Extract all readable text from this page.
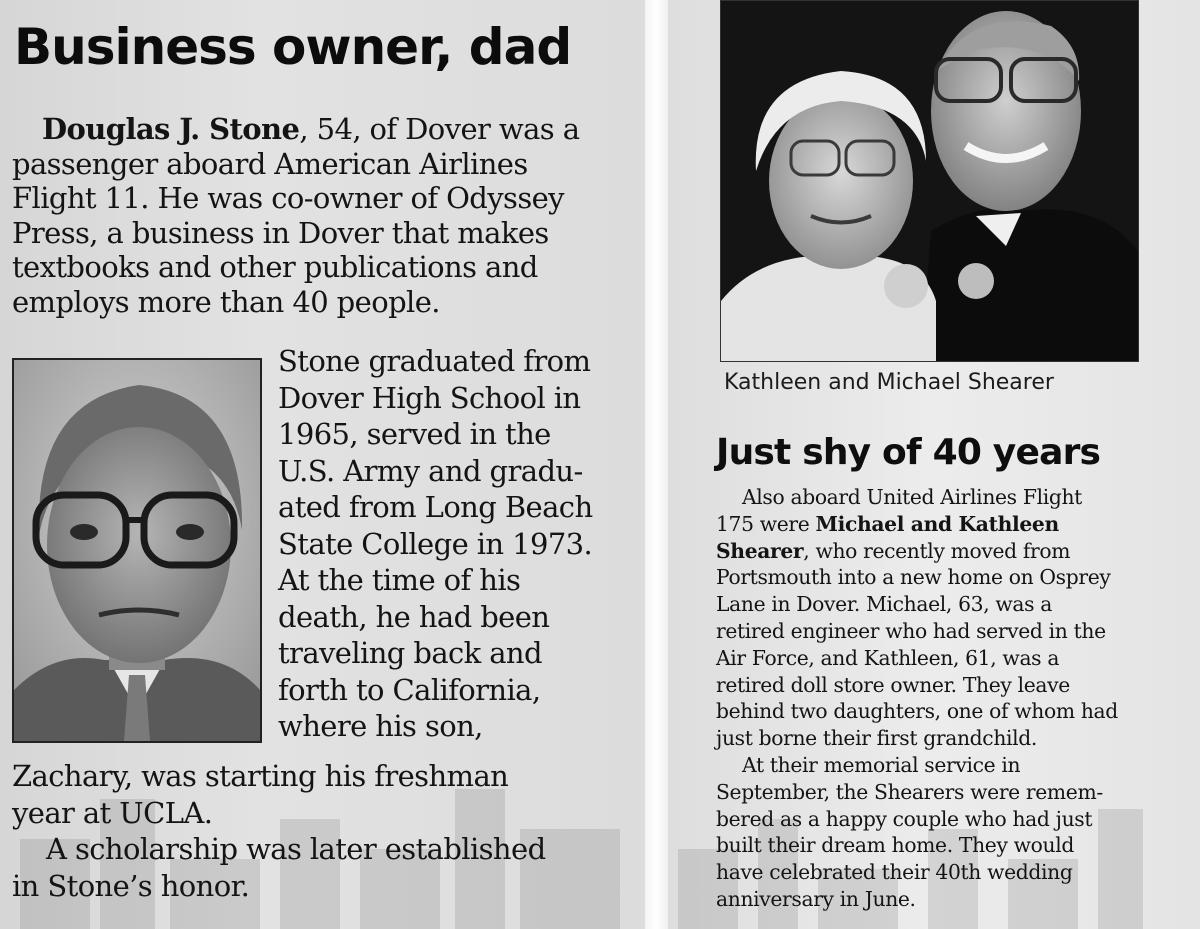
Business owner, dad
Douglas J. Stone, 54, of Dover was a
passenger aboard American Airlines
Flight 11. He was co-owner of Odyssey
Press, a business in Dover that makes
textbooks and other publications and
employs more than 40 people.
Stone graduated from
Dover High School in
1965, served in the
U.S. Army and gradu-
ated from Long Beach
State College in 1973.
At the time of his
death, he had been
traveling back and
forth to California,
where his son,
Zachary, was starting his freshman
year at UCLA.
A scholarship was later established
in Stone’s honor.
Kathleen and Michael Shearer
Just shy of 40 years
Also aboard United Airlines Flight
175 were Michael and Kathleen
Shearer, who recently moved from
Portsmouth into a new home on Osprey
Lane in Dover. Michael, 63, was a
retired engineer who had served in the
Air Force, and Kathleen, 61, was a
retired doll store owner. They leave
behind two daughters, one of whom had
just borne their first grandchild.
At their memorial service in
September, the Shearers were remem-
bered as a happy couple who had just
built their dream home. They would
have celebrated their 40th wedding
anniversary in June.
